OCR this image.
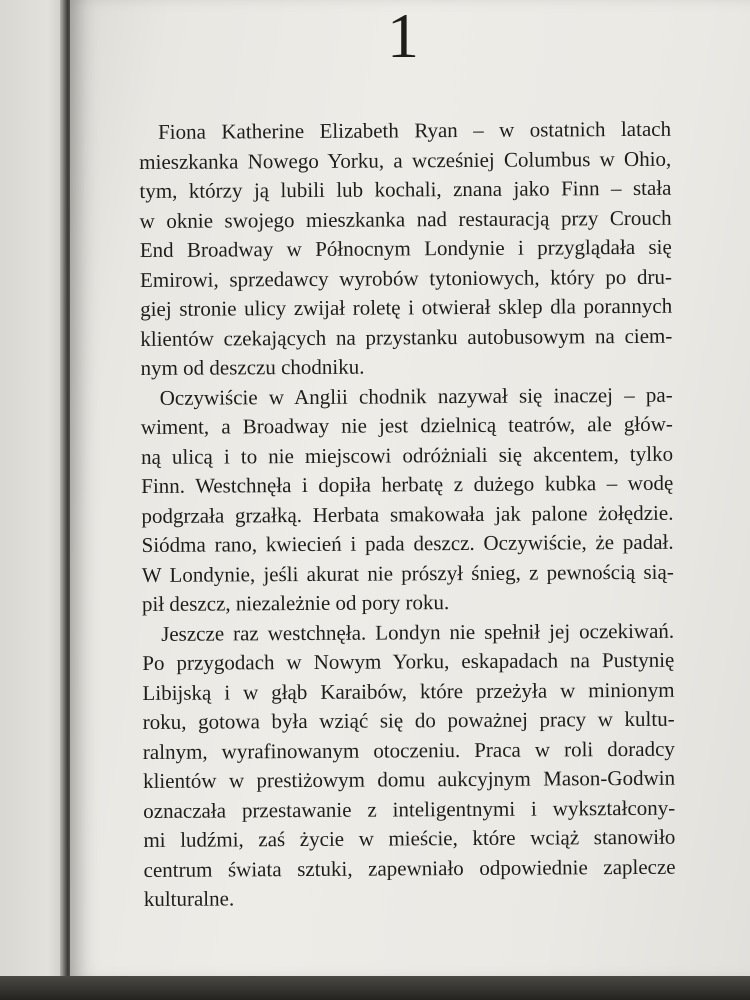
1

Fiona Katherine Elizabeth Ryan – w ostatnich latach
mieszkanka Nowego Yorku, a wcześniej Columbus w Ohio,
tym, którzy ją lubili lub kochali, znana jako Finn – stała
w oknie swojego mieszkanka nad restauracją przy Crouch
End Broadway w Północnym Londynie i przyglądała się
Emirowi, sprzedawcy wyrobów tytoniowych, który po dru-
giej stronie ulicy zwijał roletę i otwierał sklep dla porannych
klientów czekających na przystanku autobusowym na ciem-
nym od deszczu chodniku.

Oczywiście w Anglii chodnik nazywał się inaczej – pa-
wiment, a Broadway nie jest dzielnicą teatrów, ale głów-
ną ulicą i to nie miejscowi odróżniali się akcentem, tylko
Finn. Westchnęła i dopiła herbatę z dużego kubka – wodę
podgrzała grzałką. Herbata smakowała jak palone żołędzie.
Siódma rano, kwiecień i pada deszcz. Oczywiście, że padał.
W Londynie, jeśli akurat nie prószył śnieg, z pewnością sią-
pił deszcz, niezależnie od pory roku.

Jeszcze raz westchnęła. Londyn nie spełnił jej oczekiwań.
Po przygodach w Nowym Yorku, eskapadach na Pustynię
Libijską i w głąb Karaibów, które przeżyła w minionym
roku, gotowa była wziąć się do poważnej pracy w kultu-
ralnym, wyrafinowanym otoczeniu. Praca w roli doradcy
klientów w prestiżowym domu aukcyjnym Mason-Godwin
oznaczała przestawanie z inteligentnymi i wykształcony-
mi ludźmi, zaś życie w mieście, które wciąż stanowiło
centrum świata sztuki, zapewniało odpowiednie zaplecze
kulturalne.
